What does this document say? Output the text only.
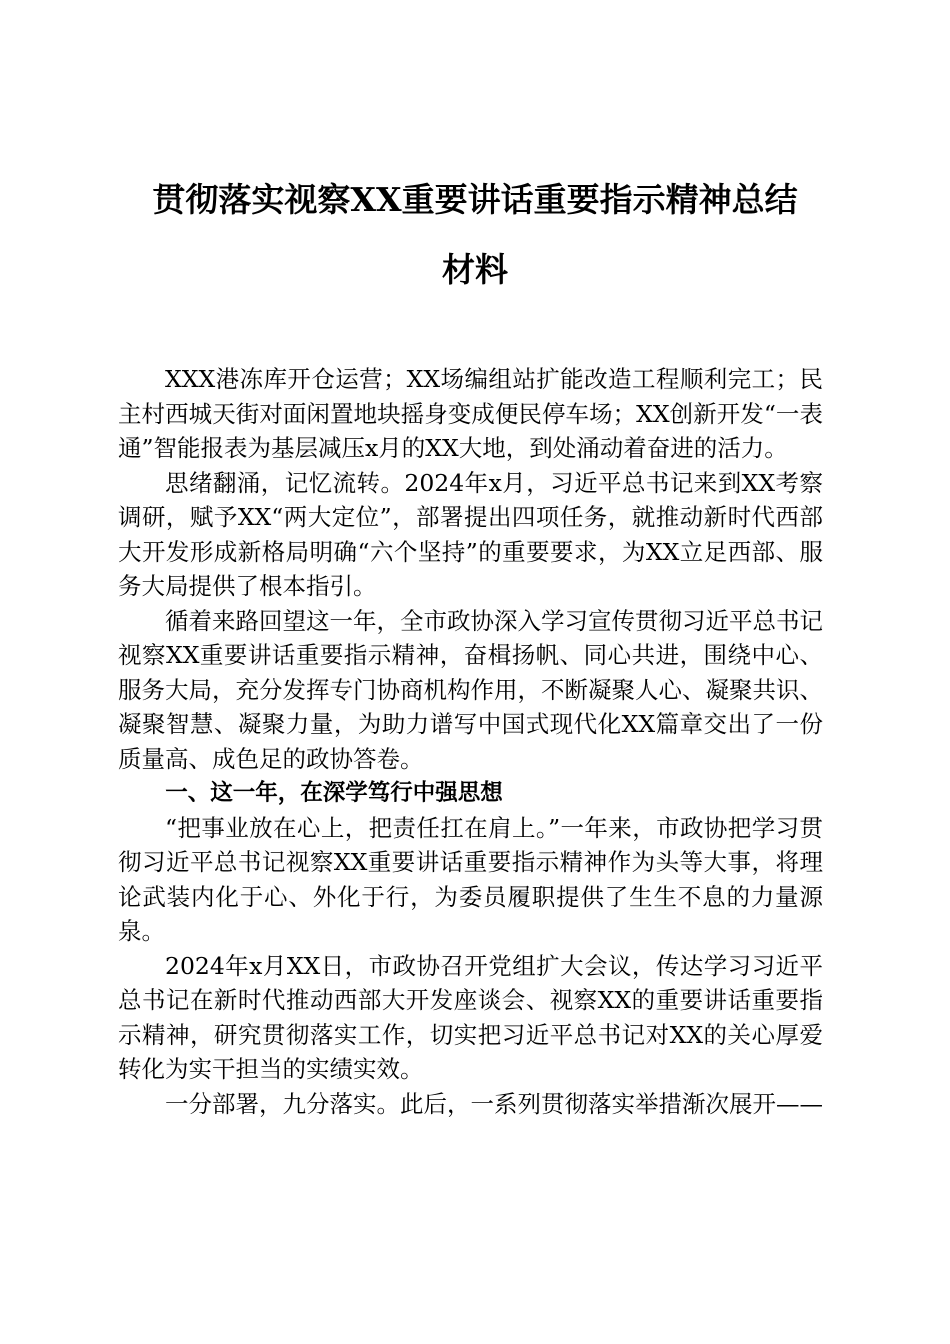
贯彻落实视察XX重要讲话重要指示精神总结
材料

XXX港冻库开仓运营；XX场编组站扩能改造工程顺利完工；民主村西城天街对面闲置地块摇身变成便民停车场；XX创新开发“一表通”智能报表为基层减压x月的XX大地，到处涌动着奋进的活力。

思绪翻涌，记忆流转。2024年x月，习近平总书记来到XX考察调研，赋予XX“两大定位”，部署提出四项任务，就推动新时代西部大开发形成新格局明确“六个坚持”的重要要求，为XX立足西部、服务大局提供了根本指引。

循着来路回望这一年，全市政协深入学习宣传贯彻习近平总书记视察XX重要讲话重要指示精神，奋楫扬帆、同心共进，围绕中心、服务大局，充分发挥专门协商机构作用，不断凝聚人心、凝聚共识、凝聚智慧、凝聚力量，为助力谱写中国式现代化XX篇章交出了一份质量高、成色足的政协答卷。

一、这一年，在深学笃行中强思想

“把事业放在心上，把责任扛在肩上。”一年来，市政协把学习贯彻习近平总书记视察XX重要讲话重要指示精神作为头等大事，将理论武装内化于心、外化于行，为委员履职提供了生生不息的力量源泉。

2024年x月XX日，市政协召开党组扩大会议，传达学习习近平总书记在新时代推动西部大开发座谈会、视察XX的重要讲话重要指示精神，研究贯彻落实工作，切实把习近平总书记对XX的关心厚爱转化为实干担当的实绩实效。

一分部署，九分落实。此后，一系列贯彻落实举措渐次展开——
